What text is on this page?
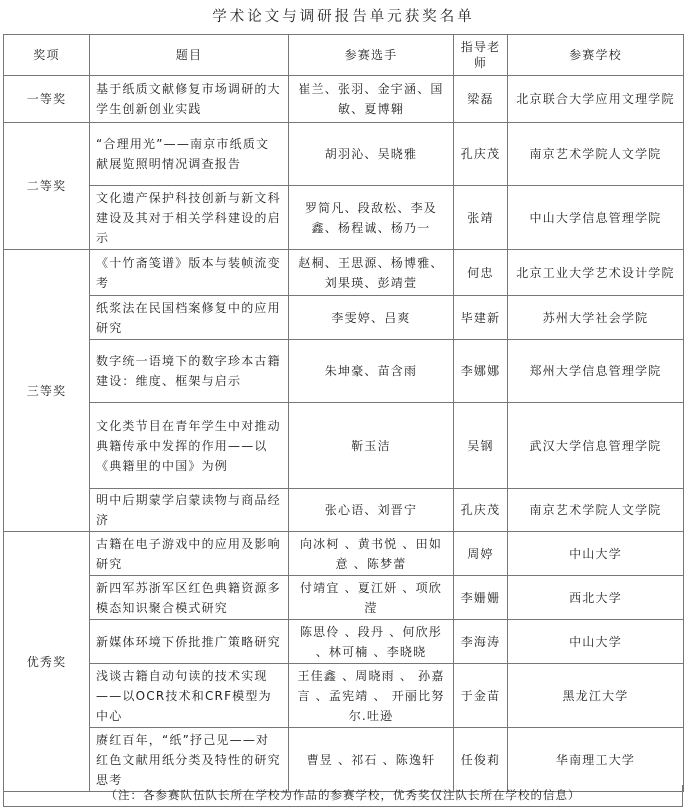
学术论文与调研报告单元获奖名单
奖项	题目	参赛选手	指导老师	参赛学校
一等奖	基于纸质文献修复市场调研的大学生创新创业实践	崔兰、张羽、金宇涵、国敏、夏博翱	梁磊	北京联合大学应用文理学院
二等奖	“合理用光”——南京市纸质文献展览照明情况调查报告	胡羽沁、吴晓雅	孔庆茂	南京艺术学院人文学院
	文化遗产保护科技创新与新文科建设及其对于相关学科建设的启示	罗简凡、段敌松、李及鑫、杨程诚、杨乃一	张靖	中山大学信息管理学院
三等奖	《十竹斋笺谱》版本与装帧流变考	赵桐、王思源、杨博雅、刘果瑛、彭靖萱	何忠	北京工业大学艺术设计学院
	纸浆法在民国档案修复中的应用研究	李雯婷、吕爽	毕建新	苏州大学社会学院
	数字统一语境下的数字珍本古籍建设：维度、框架与启示	朱坤豪、苗含雨	李娜娜	郑州大学信息管理学院
	文化类节目在青年学生中对推动典籍传承中发挥的作用——以《典籍里的中国》为例	靳玉洁	吴钢	武汉大学信息管理学院
	明中后期蒙学启蒙读物与商品经济	张心语、刘晋宁	孔庆茂	南京艺术学院人文学院
优秀奖	古籍在电子游戏中的应用及影响研究	向冰柯 、黄书悦 、田如意 、陈梦蕾	周婷	中山大学
	新四军苏浙军区红色典籍资源多模态知识聚合模式研究	付靖宜 、夏江妍 、项欣滢	李姗姗	西北大学
	新媒体环境下侨批推广策略研究	陈思伶 、段丹 、何欣彤 、林可楠 、李晓晓	李海涛	中山大学
	浅谈古籍自动句读的技术实现——以OCR技术和CRF模型为中心	王佳鑫 、周晓雨 、 孙嘉言 、孟宪靖 、 开丽比努尔.吐逊	于金苗	黑龙江大学
	赓红百年，“纸”抒己见——对红色文献用纸分类及特性的研究思考	曹昱 、祁石 、陈逸轩	任俊莉	华南理工大学
（注：各参赛队伍队长所在学校为作品的参赛学校，优秀奖仅注队长所在学校的信息）
